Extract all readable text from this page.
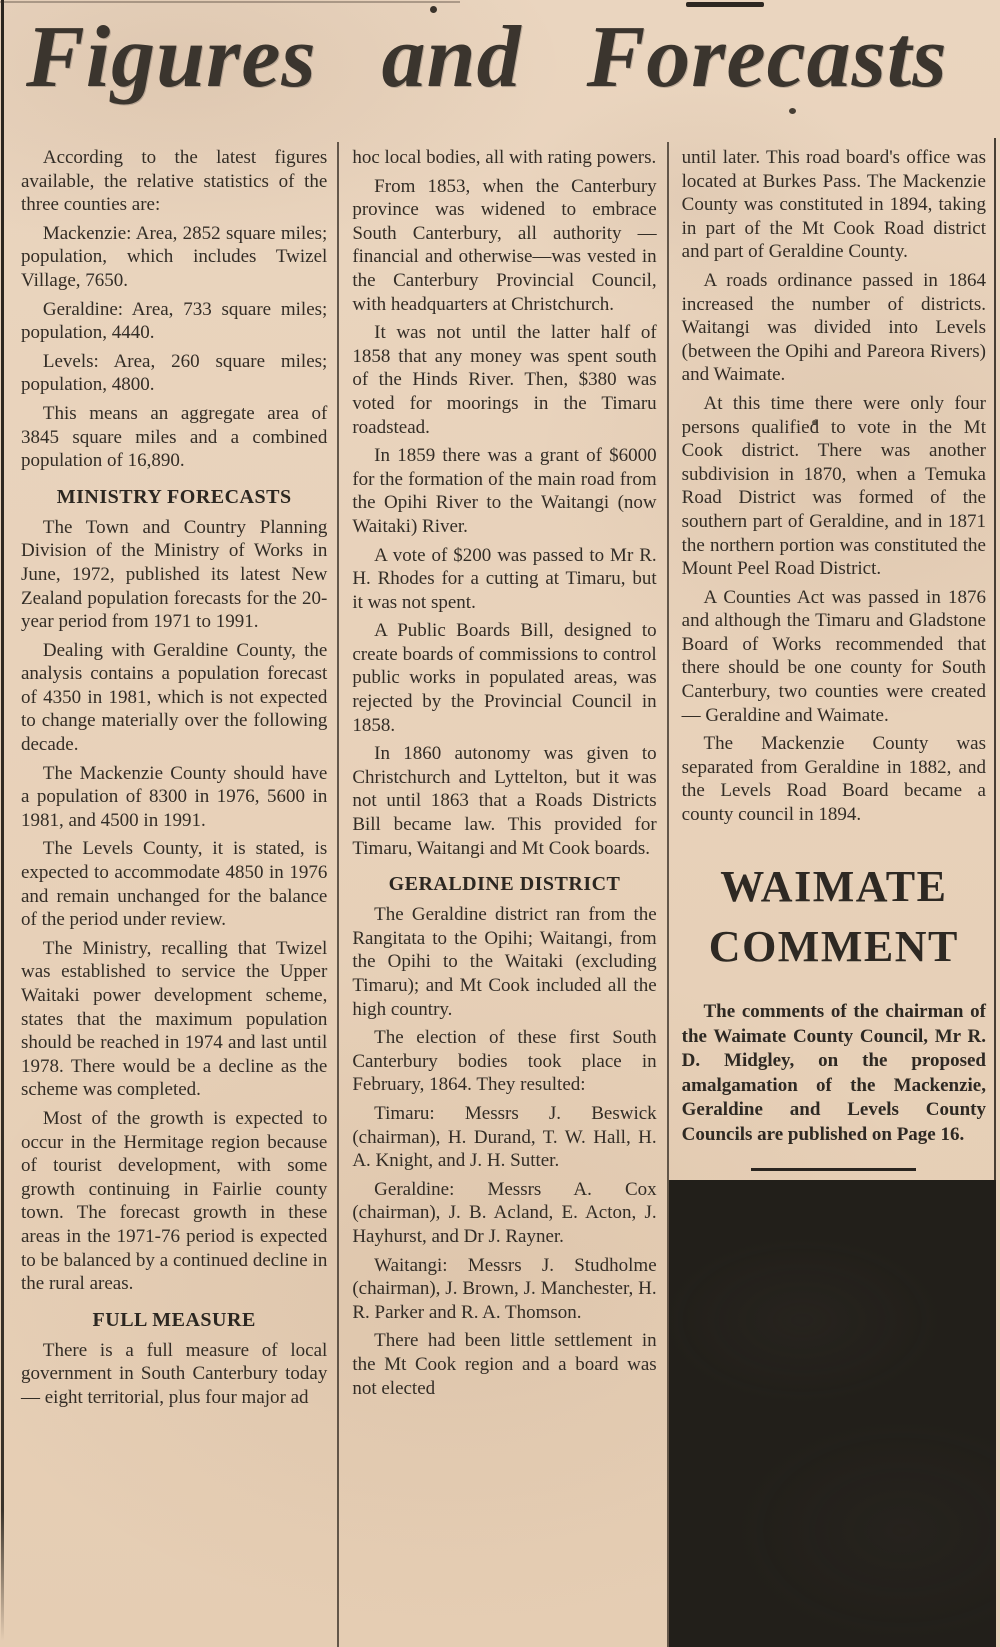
Figures and Forecasts

According to the latest figures available, the relative statistics of the three counties are:

Mackenzie: Area, 2852 square miles; population, which includes Twizel Village, 7650.

Geraldine: Area, 733 square miles; population, 4440.

Levels: Area, 260 square miles; population, 4800.

This means an aggregate area of 3845 square miles and a combined population of 16,890.

MINISTRY FORECASTS

The Town and Country Planning Division of the Ministry of Works in June, 1972, published its latest New Zealand population forecasts for the 20-year period from 1971 to 1991.

Dealing with Geraldine County, the analysis contains a population forecast of 4350 in 1981, which is not expected to change materially over the following decade.

The Mackenzie County should have a population of 8300 in 1976, 5600 in 1981, and 4500 in 1991.

The Levels County, it is stated, is expected to accommodate 4850 in 1976 and remain unchanged for the balance of the period under review.

The Ministry, recalling that Twizel was established to service the Upper Waitaki power development scheme, states that the maximum population should be reached in 1974 and last until 1978. There would be a decline as the scheme was completed.

Most of the growth is expected to occur in the Hermitage region because of tourist development, with some growth continuing in Fairlie county town. The forecast growth in these areas in the 1971-76 period is expected to be balanced by a continued decline in the rural areas.

FULL MEASURE

There is a full measure of local government in South Canterbury today — eight territorial, plus four major ad

hoc local bodies, all with rating powers.

From 1853, when the Canterbury province was widened to embrace South Canterbury, all authority — financial and otherwise—was vested in the Canterbury Provincial Council, with headquarters at Christchurch.

It was not until the latter half of 1858 that any money was spent south of the Hinds River. Then, $380 was voted for moorings in the Timaru roadstead.

In 1859 there was a grant of $6000 for the formation of the main road from the Opihi River to the Waitangi (now Waitaki) River.

A vote of $200 was passed to Mr R. H. Rhodes for a cutting at Timaru, but it was not spent.

A Public Boards Bill, designed to create boards of commissions to control public works in populated areas, was rejected by the Provincial Council in 1858.

In 1860 autonomy was given to Christchurch and Lyttelton, but it was not until 1863 that a Roads Districts Bill became law. This provided for Timaru, Waitangi and Mt Cook boards.

GERALDINE DISTRICT

The Geraldine district ran from the Rangitata to the Opihi; Waitangi, from the Opihi to the Waitaki (excluding Timaru); and Mt Cook included all the high country.

The election of these first South Canterbury bodies took place in February, 1864. They resulted:

Timaru: Messrs J. Beswick (chairman), H. Durand, T. W. Hall, H. A. Knight, and J. H. Sutter.

Geraldine: Messrs A. Cox (chairman), J. B. Acland, E. Acton, J. Hayhurst, and Dr J. Rayner.

Waitangi: Messrs J. Studholme (chairman), J. Brown, J. Manchester, H. R. Parker and R. A. Thomson.

There had been little settlement in the Mt Cook region and a board was not elected

until later. This road board's office was located at Burkes Pass. The Mackenzie County was constituted in 1894, taking in part of the Mt Cook Road district and part of Geraldine County.

A roads ordinance passed in 1864 increased the number of districts. Waitangi was divided into Levels (between the Opihi and Pareora Rivers) and Waimate.

At this time there were only four persons qualified to vote in the Mt Cook district. There was another subdivision in 1870, when a Temuka Road District was formed of the southern part of Geraldine, and in 1871 the northern portion was constituted the Mount Peel Road District.

A Counties Act was passed in 1876 and although the Timaru and Gladstone Board of Works recommended that there should be one county for South Canterbury, two counties were created — Geraldine and Waimate.

The Mackenzie County was separated from Geraldine in 1882, and the Levels Road Board became a county council in 1894.

WAIMATE COMMENT

The comments of the chairman of the Waimate County Council, Mr R. D. Midgley, on the proposed amalgamation of the Mackenzie, Geraldine and Levels County Councils are published on Page 16.
